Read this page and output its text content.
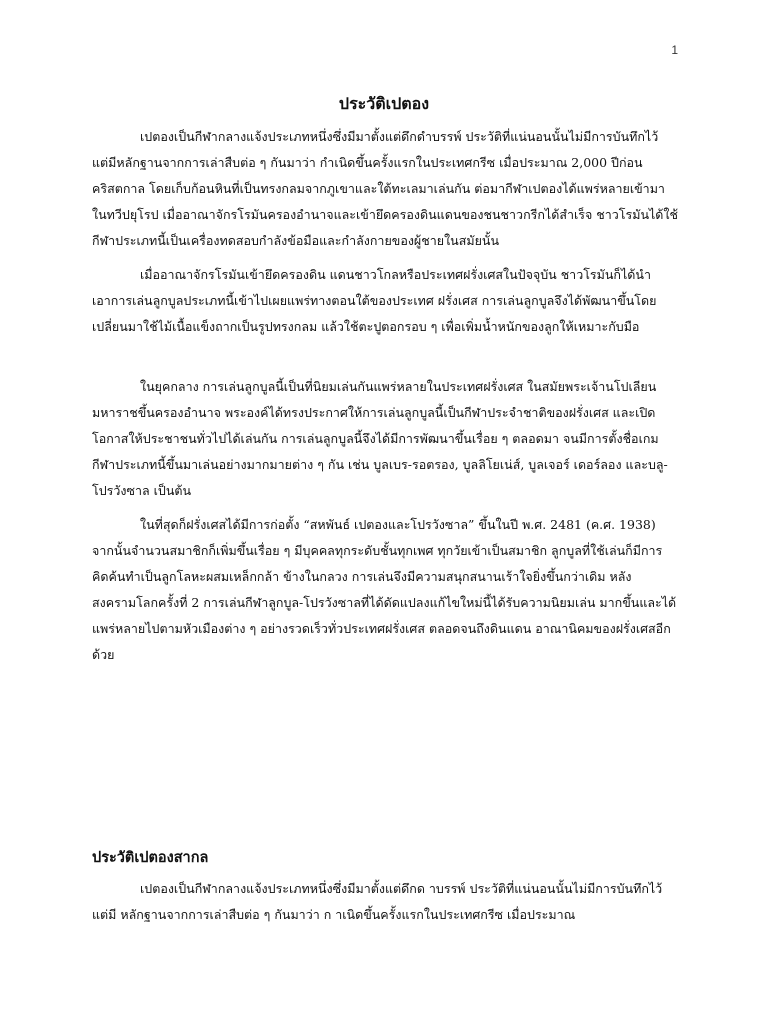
1
ประวัติเปตอง

เปตองเป็นกีฬากลางแจ้งประเภทหนึ่งซึ่งมีมาตั้งแต่ดึกดำบรรพ์ ประวัติที่แน่นอนนั้นไม่มีการบันทึกไว้ แต่มีหลักฐานจากการเล่าสืบต่อ ๆ กันมาว่า กำเนิดขึ้นครั้งแรกในประเทศกรีซ เมื่อประมาณ 2,000 ปีก่อนคริสตกาล โดยเก็บก้อนหินที่เป็นทรงกลมจากภูเขาและใต้ทะเลมาเล่นกัน ต่อมากีฬาเปตองได้แพร่หลายเข้ามาในทวีปยุโรป เมื่ออาณาจักรโรมันครองอำนาจและเข้ายึดครองดินแดนของชนชาวกรีกได้สำเร็จ ชาวโรมันได้ใช้กีฬาประเภทนี้เป็นเครื่องทดสอบกำลังข้อมือและกำลังกายของผู้ชายในสมัยนั้น

เมื่ออาณาจักรโรมันเข้ายึดครองดิน แดนชาวโกลหรือประเทศฝรั่งเศสในปัจจุบัน ชาวโรมันก็ได้นำเอาการเล่นลูกบูลประเภทนี้เข้าไปเผยแพร่ทางตอนใต้ของประเทศ ฝรั่งเศส การเล่นลูกบูลจึงได้พัฒนาขึ้นโดยเปลี่ยนมาใช้ไม้เนื้อแข็งถากเป็นรูปทรงกลม แล้วใช้ตะปูตอกรอบ ๆ เพื่อเพิ่มน้ำหนักของลูกให้เหมาะกับมือ

ในยุคกลาง การเล่นลูกบูลนี้เป็นที่นิยมเล่นกันแพร่หลายในประเทศฝรั่งเศส ในสมัยพระเจ้านโปเลียนมหาราชขึ้นครองอำนาจ พระองค์ได้ทรงประกาศให้การเล่นลูกบูลนี้เป็นกีฬาประจำชาติของฝรั่งเศส และเปิดโอกาสให้ประชาชนทั่วไปได้เล่นกัน การเล่นลูกบูลนี้จึงได้มีการพัฒนาขึ้นเรื่อย ๆ ตลอดมา จนมีการตั้งชื่อเกมกีฬาประเภทนี้ขึ้นมาเล่นอย่างมากมายต่าง ๆ กัน เช่น บูลเบร-รอตรอง, บูลลิโยเน่ส์, บูลเจอร์ เดอร์ลอง และบลู- โปรวังซาล เป็นต้น

ในที่สุดก็ฝรั่งเศสได้มีการก่อตั้ง “สหพันธ์ เปตองและโปรวังซาล” ขึ้นในปี พ.ศ. 2481 (ค.ศ. 1938) จากนั้นจำนวนสมาชิกก็เพิ่มขึ้นเรื่อย ๆ มีบุคคลทุกระดับชั้นทุกเพศ ทุกวัยเข้าเป็นสมาชิก ลูกบูลที่ใช้เล่นก็มีการคิดค้นทำเป็นลูกโลหะผสมเหล็กกล้า ข้างในกลวง การเล่นจึงมีความสนุกสนานเร้าใจยิ่งขึ้นกว่าเดิม หลังสงครามโลกครั้งที่ 2 การเล่นกีฬาลูกบูล-โปรวังซาลที่ได้ดัดแปลงแก้ไขใหม่นี้ได้รับความนิยมเล่น มากขึ้นและได้แพร่หลายไปตามหัวเมืองต่าง ๆ อย่างรวดเร็วทั่วประเทศฝรั่งเศส ตลอดจนถึงดินแดน อาณานิคมของฝรั่งเศสอีกด้วย

ประวัติเปตองสากล

เปตองเป็นกีฬากลางแจ้งประเภทหนึ่งซึ่งมีมาตั้งแต่ดึกด าบรรพ์ ประวัติที่แน่นอนนั้นไม่มีการบันทึกไว้ แต่มี หลักฐานจากการเล่าสืบต่อ ๆ กันมาว่า ก าเนิดขึ้นครั้งแรกในประเทศกรีซ เมื่อประมาณ
